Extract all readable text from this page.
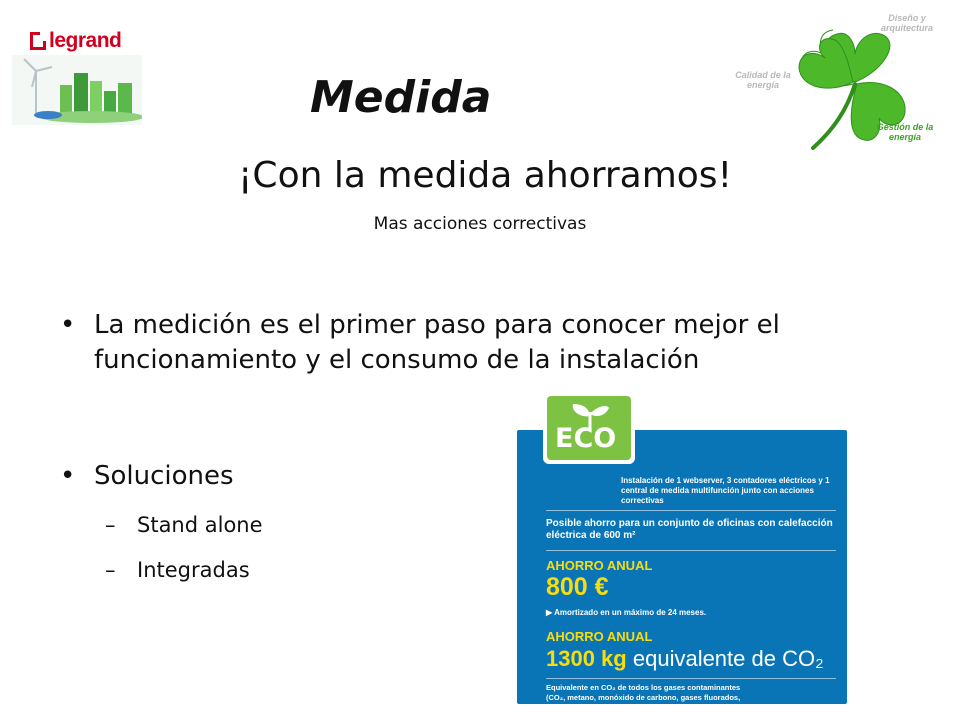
legrand
Medida
¡Con la medida ahorramos!
Mas acciones correctivas
Diseño y arquitectura
Calidad de la energía
Gestión de la energía
• La medición es el primer paso para conocer mejor el funcionamiento y el consumo de la instalación
• Soluciones
– Stand alone
– Integradas
Instalación de 1 webserver, 3 contadores eléctricos y 1 central de medida multifunción junto con acciones correctivas
Posible ahorro para un conjunto de oficinas con calefacción eléctrica de 600 m²
AHORRO ANUAL
800 €
▶ Amortizado en un máximo de 24 meses.
AHORRO ANUAL
1300 kg equivalente de CO₂
Equivalente en CO₂ de todos los gases contaminantes (CO₂, metano, monóxido de carbono, gases fluorados, etc.)
ECO
